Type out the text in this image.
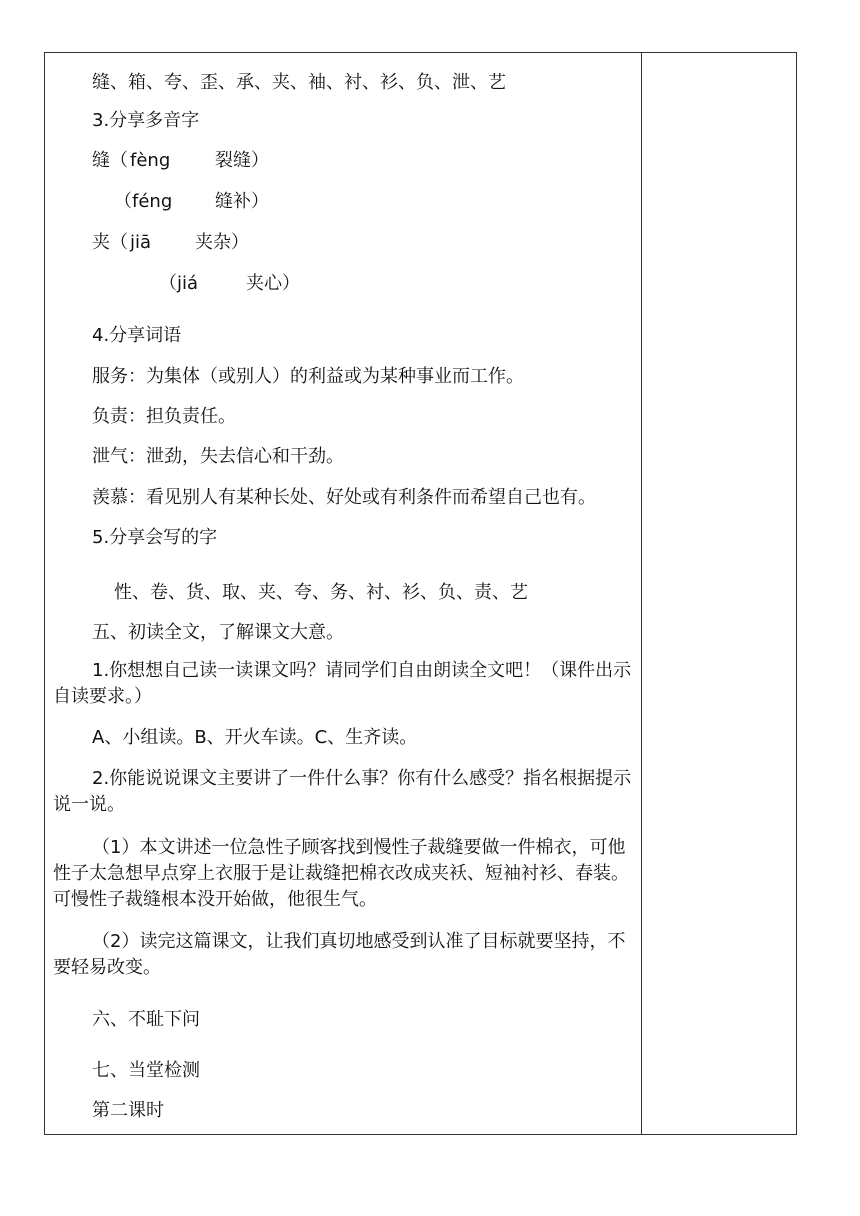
缝、箱、夸、歪、承、夹、袖、衬、衫、负、泄、艺
3.分享多音字
缝（ fèng 裂缝）
（féng 缝补）
夹（ jiā 夹杂）
（jiá	夹心）
4.分享词语
服务：为集体（或别人）的利益或为某种事业而工作。
负责：担负责任。
泄气：泄劲，失去信心和干劲。
羡慕：看见别人有某种长处、好处或有利条件而希望自己也有。
5.分享会写的字
性、卷、货、取、夹、夸、务、衬、衫、负、责、艺
五、初读全文，了解课文大意。
1.你想想自己读一读课文吗？请同学们自由朗读全文吧！（课件出示自读要求。）
A、小组读。B、开火车读。C、生齐读。
2.你能说说课文主要讲了一件什么事？你有什么感受？指名根据提示说一说。
（1）本文讲述一位急性子顾客找到慢性子裁缝要做一件棉衣，可他性子太急想早点穿上衣服于是让裁缝把棉衣改成夹袄、短袖衬衫、春装。可慢性子裁缝根本没开始做，他很生气。
（2）读完这篇课文，让我们真切地感受到认准了目标就要坚持，不要轻易改变。
六、不耻下问
七、当堂检测
第二课时
